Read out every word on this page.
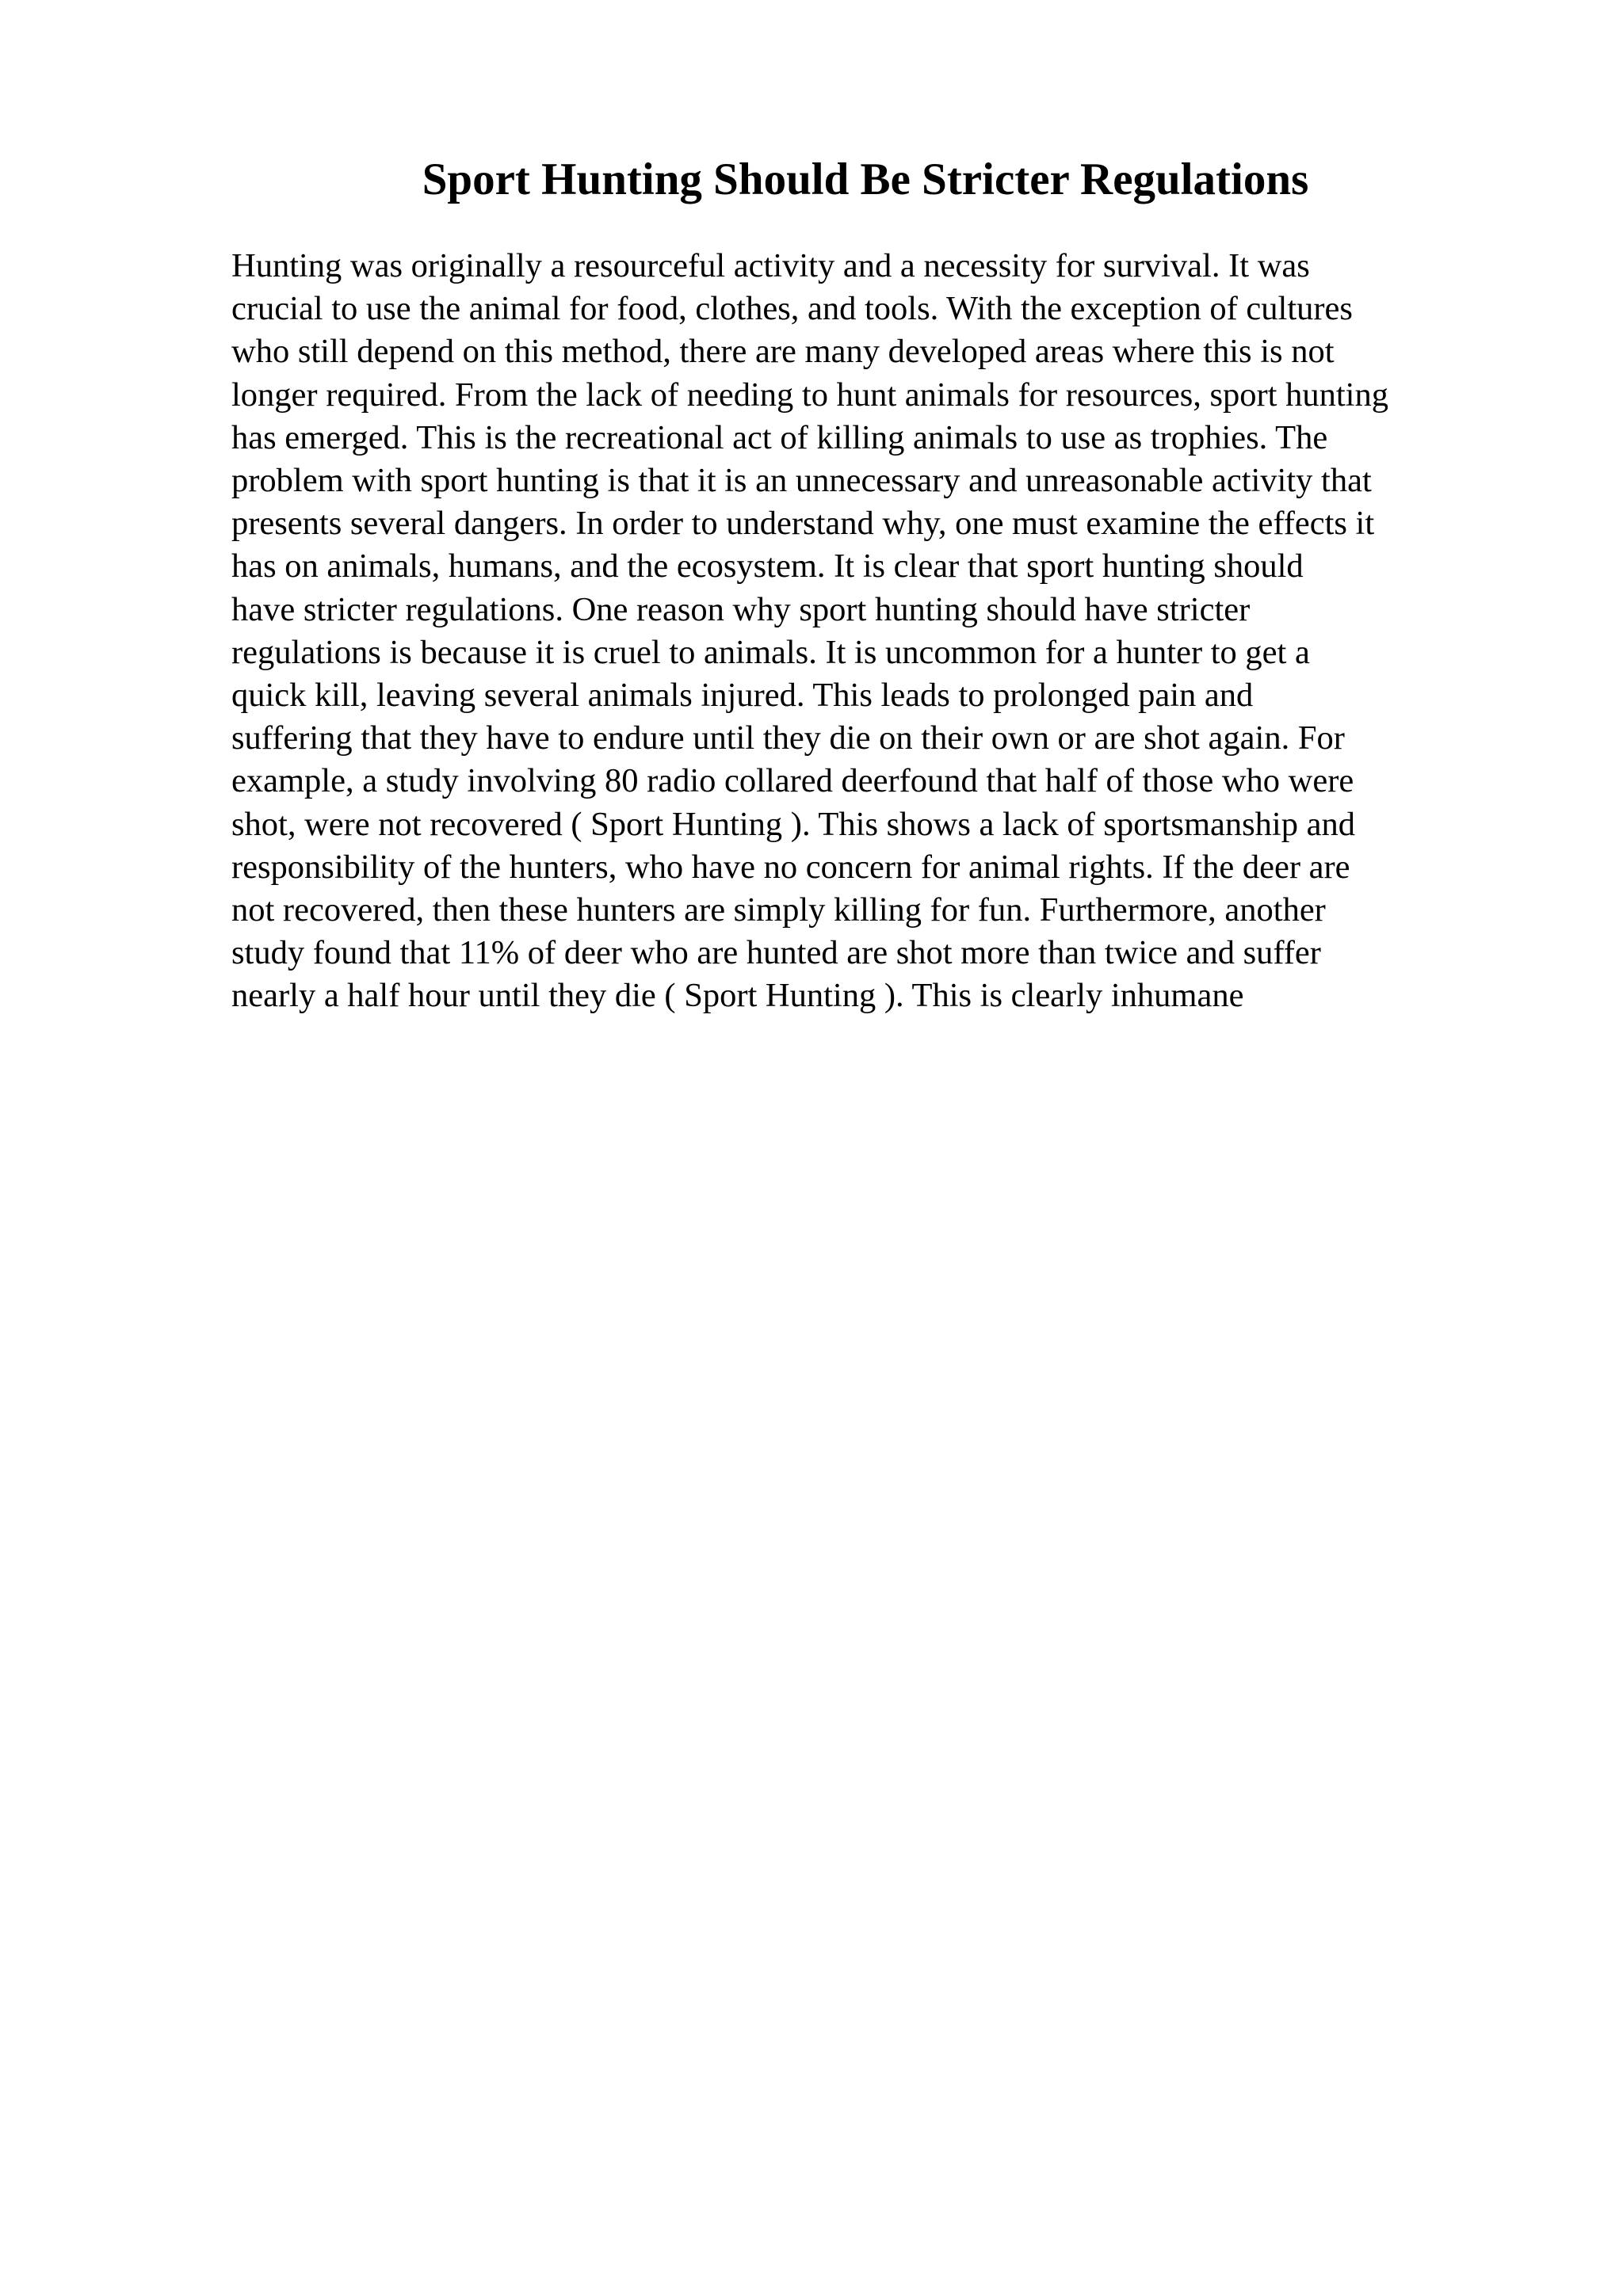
Sport Hunting Should Be Stricter Regulations
Hunting was originally a resourceful activity and a necessity for survival. It was
crucial to use the animal for food, clothes, and tools. With the exception of cultures
who still depend on this method, there are many developed areas where this is not
longer required. From the lack of needing to hunt animals for resources, sport hunting
has emerged. This is the recreational act of killing animals to use as trophies. The
problem with sport hunting is that it is an unnecessary and unreasonable activity that
presents several dangers. In order to understand why, one must examine the effects it
has on animals, humans, and the ecosystem. It is clear that sport hunting should
have stricter regulations. One reason why sport hunting should have stricter
regulations is because it is cruel to animals. It is uncommon for a hunter to get a
quick kill, leaving several animals injured. This leads to prolonged pain and
suffering that they have to endure until they die on their own or are shot again. For
example, a study involving 80 radio collared deerfound that half of those who were
shot, were not recovered ( Sport Hunting ). This shows a lack of sportsmanship and
responsibility of the hunters, who have no concern for animal rights. If the deer are
not recovered, then these hunters are simply killing for fun. Furthermore, another
study found that 11% of deer who are hunted are shot more than twice and suffer
nearly a half hour until they die ( Sport Hunting ). This is clearly inhumane
